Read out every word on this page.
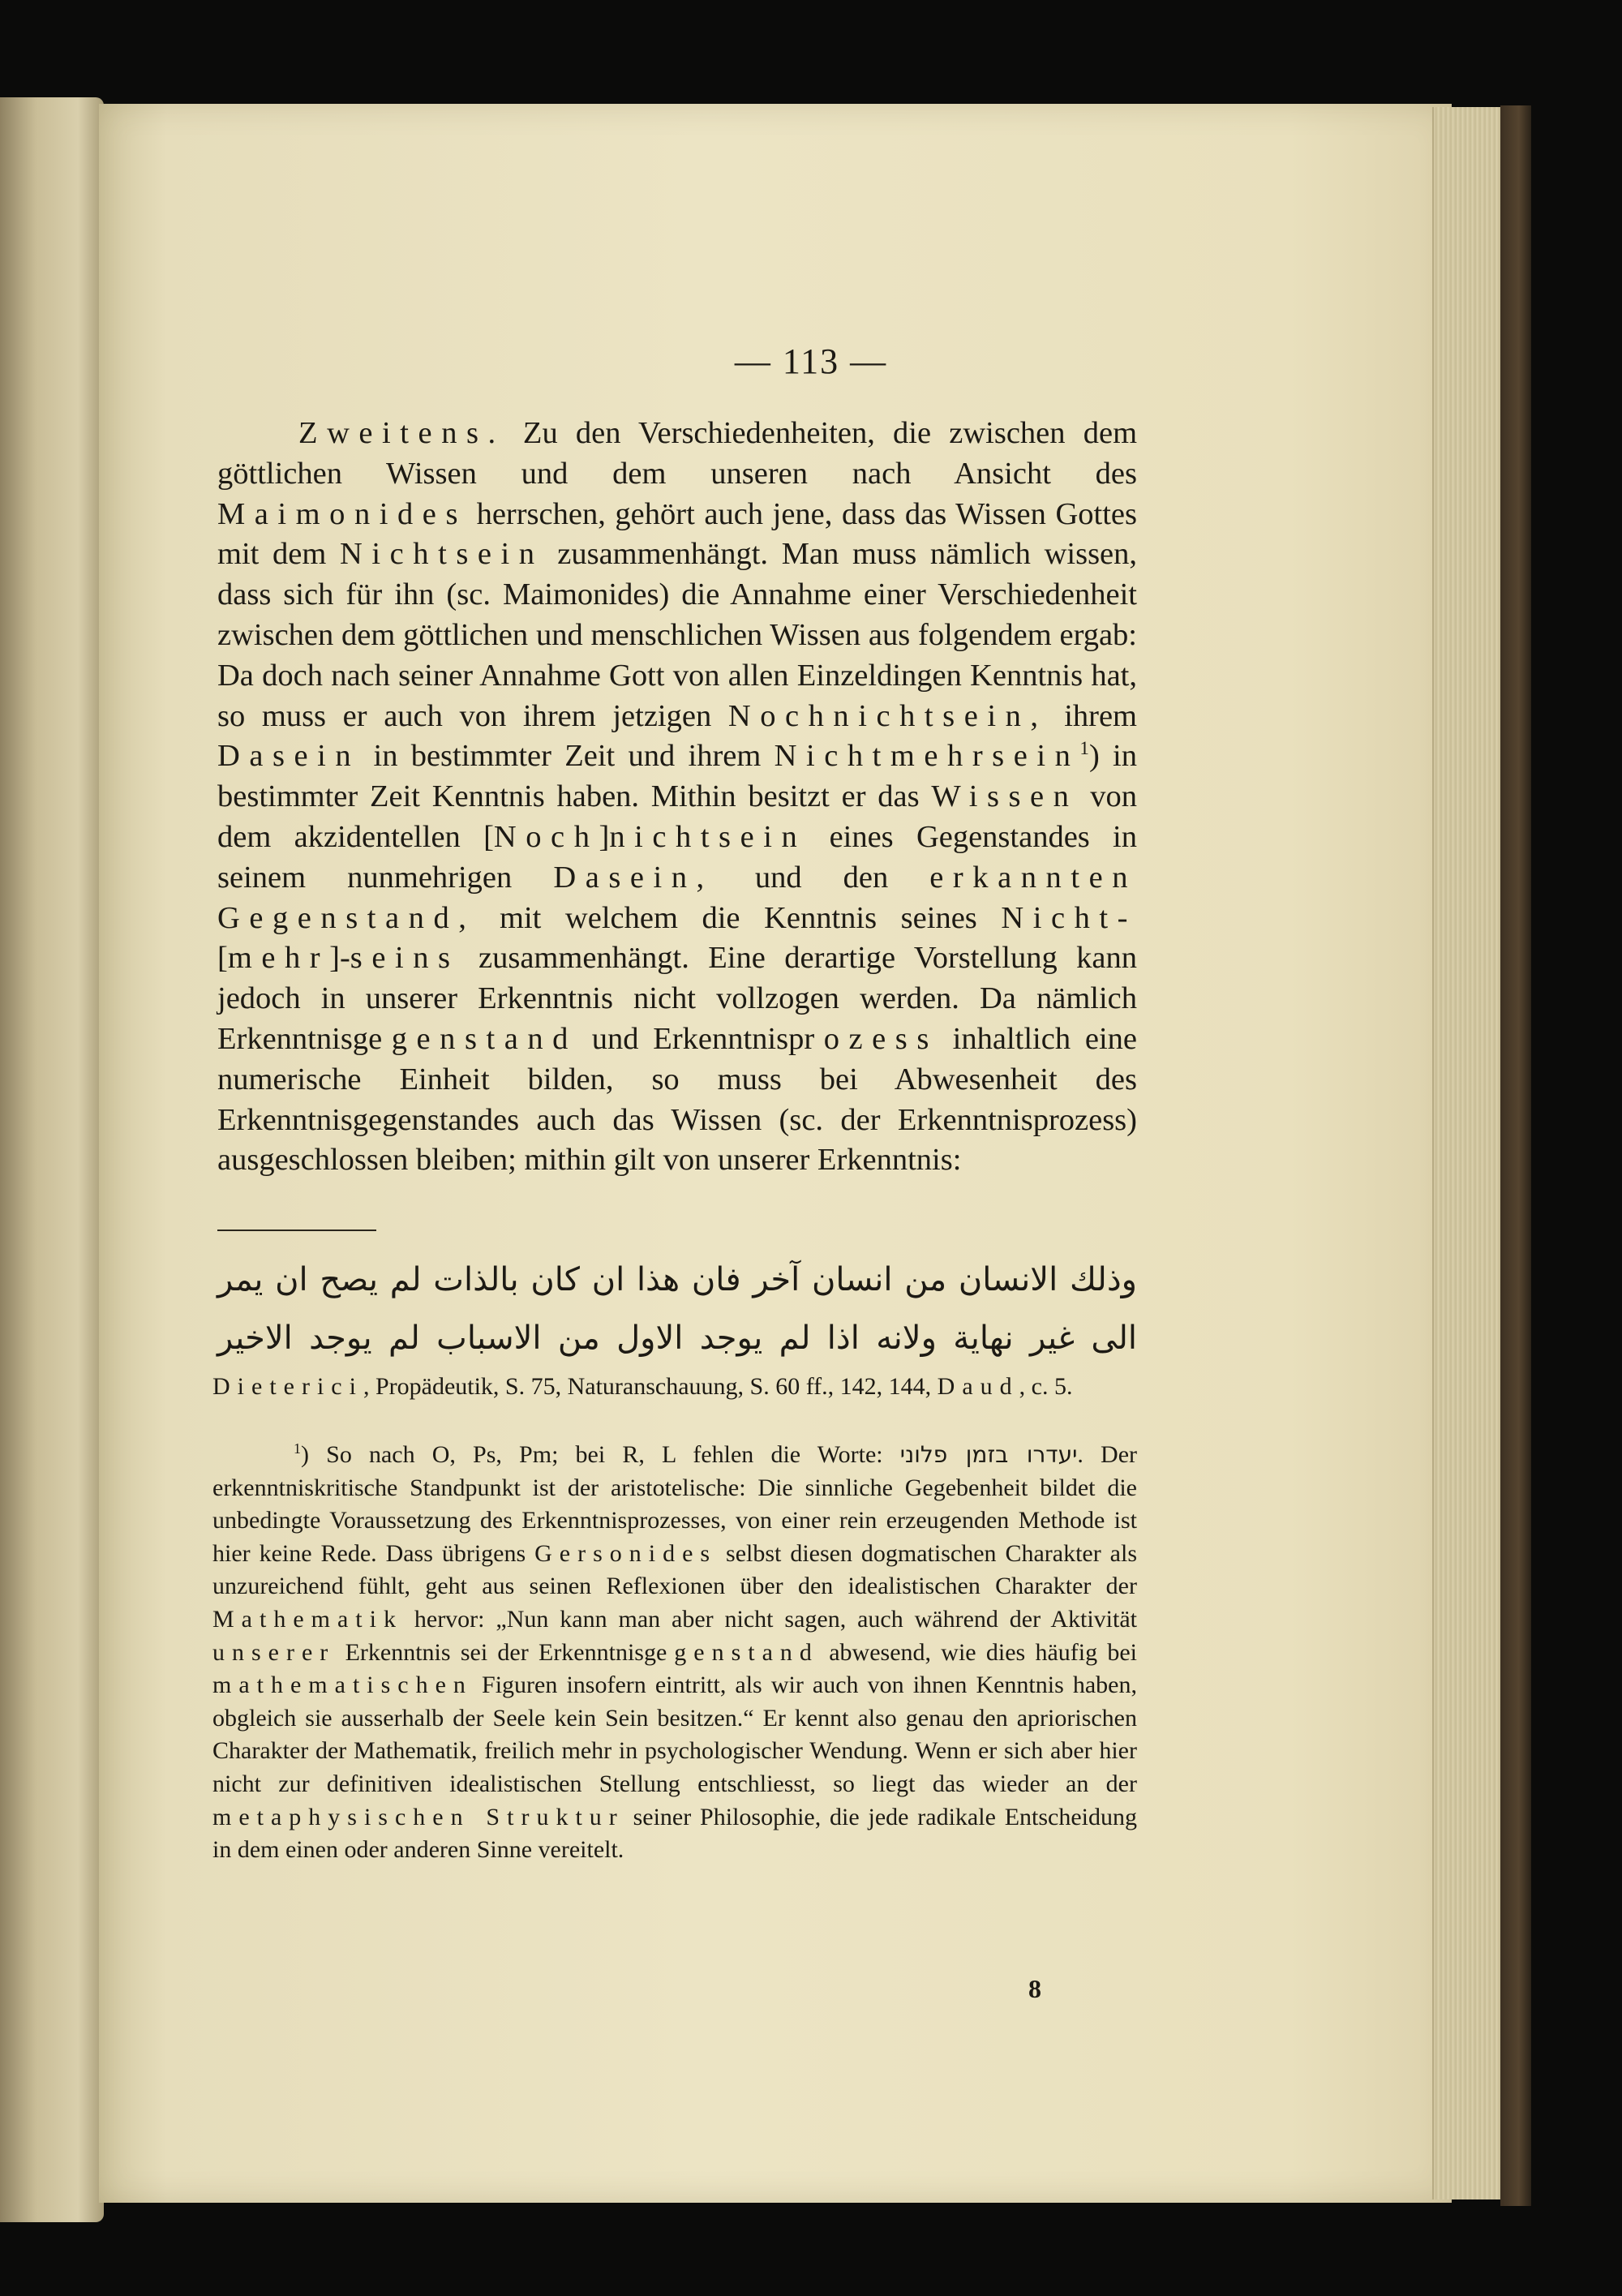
— 113 —

Zweitens. Zu den Verschiedenheiten, die zwischen dem göttlichen Wissen und dem unseren nach Ansicht des Maimonides herrschen, gehört auch jene, dass das Wissen Gottes mit dem Nichtsein zusammenhängt. Man muss nämlich wissen, dass sich für ihn (sc. Maimonides) die Annahme einer Verschiedenheit zwischen dem göttlichen und menschlichen Wissen aus folgendem ergab: Da doch nach seiner Annahme Gott von allen Einzeldingen Kenntnis hat, so muss er auch von ihrem jetzigen Nochnichtsein, ihrem Dasein in bestimmter Zeit und ihrem Nichtmehrsein$^1$) in bestimmter Zeit Kenntnis haben. Mithin besitzt er das Wissen von dem akzidentellen [Noch]nichtsein eines Gegenstandes in seinem nunmehrigen Dasein, und den erkannten Gegenstand, mit welchem die Kenntnis seines Nicht- [mehr]-seins zusammenhängt. Eine derartige Vorstellung kann jedoch in unserer Erkenntnis nicht vollzogen werden. Da nämlich Erkenntnisgegenstand und Erkenntnisprozess inhaltlich eine numerische Einheit bilden, so muss bei Abwesenheit des Erkenntnisgegenstandes auch das Wissen (sc. der Erkenntnisprozess) ausgeschlossen bleiben; mithin gilt von unserer Erkenntnis:

وذلك الانسان من انسان آخر فان هذا ان كان بالذات لم يصح ان يمر
الى غير نهاية ولانه اذا لم يوجد الاول من الاسباب لم يوجد الاخير

Dieterici, Propädeutik, S. 75, Naturanschauung, S. 60 ff., 142, 144, Daud, c. 5.

$^1$) So nach O, Ps, Pm; bei R, L fehlen die Worte: יעדרו בזמן פלוני. Der erkenntniskritische Standpunkt ist der aristotelische: Die sinnliche Gegebenheit bildet die unbedingte Voraussetzung des Erkenntnisprozesses, von einer rein erzeugenden Methode ist hier keine Rede. Dass übrigens Gersonides selbst diesen dogmatischen Charakter als unzureichend fühlt, geht aus seinen Reflexionen über den idealistischen Charakter der Mathematik hervor: „Nun kann man aber nicht sagen, auch während der Aktivität unserer Erkenntnis sei der Erkenntnisgegenstand abwesend, wie dies häufig bei mathematischen Figuren insofern eintritt, als wir auch von ihnen Kenntnis haben, obgleich sie ausserhalb der Seele kein Sein besitzen.“ Er kennt also genau den apriorischen Charakter der Mathematik, freilich mehr in psychologischer Wendung. Wenn er sich aber hier nicht zur definitiven idealistischen Stellung entschliesst, so liegt das wieder an der metaphysischen Struktur seiner Philosophie, die jede radikale Entscheidung in dem einen oder anderen Sinne vereitelt.

8
